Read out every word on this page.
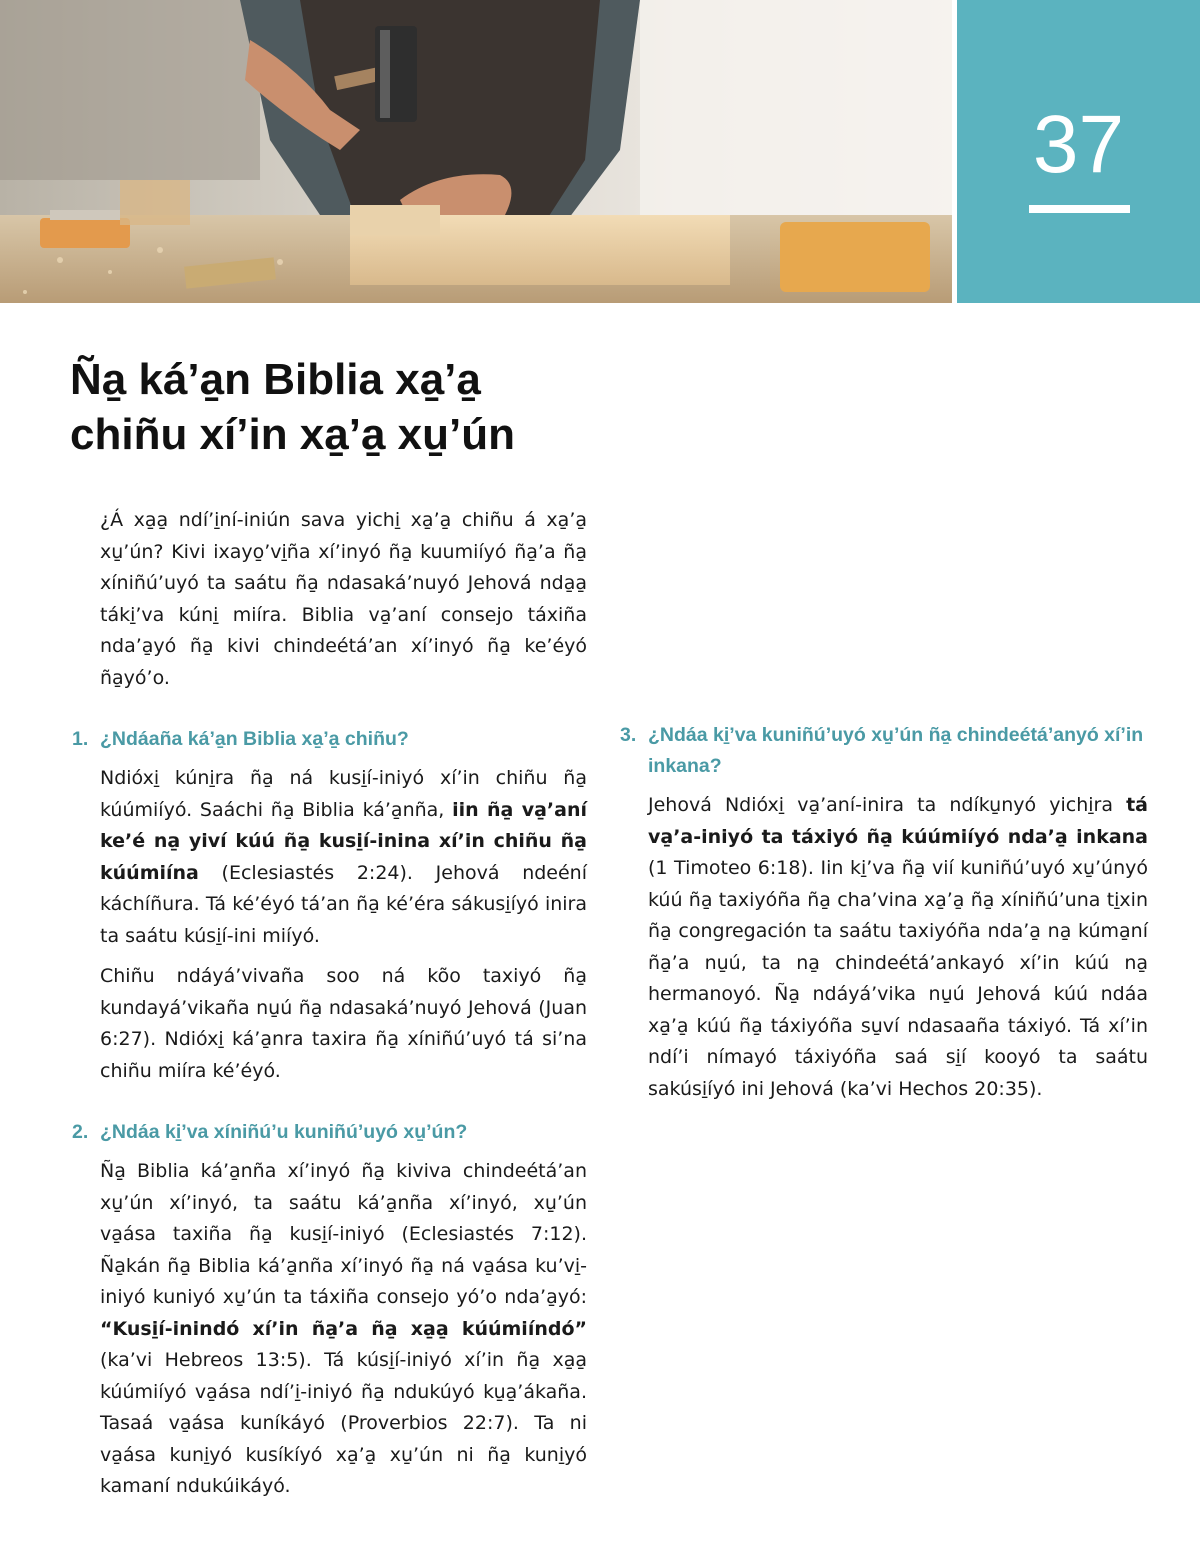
37
Ña̱ ká’a̱n Biblia xa̱’a̱
chiñu xí’in xa̱’a̱ xu̱’ún

¿Á xa̱a̱ ndí’i̱ní-iniún sava yichi̱ xa̱’a̱ chiñu á xa̱’a̱ xu̱’ún? Kivi ixayo̱’vi̱ña xí’inyó ña̱ kuumiíyó ña̱’a ña̱ xíniñú’uyó ta saátu ña̱ ndasaká’nuyó Jehová nda̱a̱ táki̱’va kúni̱ miíra. Biblia va̱’aní consejo táxiña nda’a̱yó ña̱ kivi chindeétá’an xí’inyó ña̱ ke’éyó ña̱yó’o.

1. ¿Ndáaña ká’a̱n Biblia xa̱’a̱ chiñu?

Ndióxi̱ kúni̱ra ña̱ ná kusi̱í-iniyó xí’in chiñu ña̱ kúúmiíyó. Saáchi ña̱ Biblia ká’a̱nña, iin ña̱ va̱’aní ke’é na̱ yiví kúú ña̱ kusi̱í-inina xí’in chiñu ña̱ kúúmiína (Eclesiastés 2:24). Jehová ndeéní káchíñura. Tá ké’éyó tá’an ña̱ ké’éra sákusi̱íyó inira ta saátu kúsi̱í-ini miíyó.

Chiñu ndáyá’vivaña soo ná kõo taxiyó ña̱ kundayá’vikaña nu̱ú ña̱ ndasaká’nuyó Jehová (Juan 6:27). Ndióxi̱ ká’a̱nra taxira ña̱ xíniñú’uyó tá si’na chiñu miíra ké’éyó.

2. ¿Ndáa ki̱’va xíniñú’u kuniñú’uyó xu̱’ún?

Ña̱ Biblia ká’a̱nña xí’inyó ña̱ kiviva chindeétá’an xu̱’ún xí’inyó, ta saátu ká’a̱nña xí’inyó, xu̱’ún va̱ása taxiña ña̱ kusi̱í-iniyó (Eclesiastés 7:12). Ña̱kán ña̱ Biblia ká’a̱nña xí’inyó ña̱ ná va̱ása ku’vi̱-iniyó kuniyó xu̱’ún ta táxiña consejo yó’o nda’a̱yó: “Kusi̱í-inindó xí’in ña̱’a ña̱ xa̱a̱ kúúmiíndó” (ka’vi Hebreos 13:5). Tá kúsi̱í-iniyó xí’in ña̱ xa̱a̱ kúúmiíyó va̱ása ndí’i̱-iniyó ña̱ ndukúyó ku̱a̱’ákaña. Tasaá va̱ása kuníkáyó (Proverbios 22:7). Ta ni va̱ása kuni̱yó kusíkíyó xa̱’a̱ xu̱’ún ni ña̱ kuni̱yó kamaní ndukúikáyó.

3. ¿Ndáa ki̱’va kuniñú’uyó xu̱’ún ña̱ chindeétá’anyó xí’in inkana?

Jehová Ndióxi̱ va̱’aní-inira ta ndíku̱nyó yichi̱ra tá va̱’a-iniyó ta táxiyó ña̱ kúúmiíyó nda’a̱ inkana (1 Timoteo 6:18). Iin ki̱’va ña̱ vií kuniñú’uyó xu̱’únyó kúú ña̱ taxiyóña ña̱ cha’vina xa̱’a̱ ña̱ xíniñú’una ti̱xin ña̱ congregación ta saátu taxiyóña nda’a̱ na̱ kúma̱ní ña̱’a nu̱ú, ta na̱ chindeétá’ankayó xí’in kúú na̱ hermanoyó. Ña̱ ndáyá’vika nu̱ú Jehová kúú ndáa xa̱’a̱ kúú ña̱ táxiyóña su̱ví ndasaaña táxiyó. Tá xí’in ndí’i nímayó táxiyóña saá si̱í kooyó ta saátu sakúsi̱íyó ini Jehová (ka’vi Hechos 20:35).
